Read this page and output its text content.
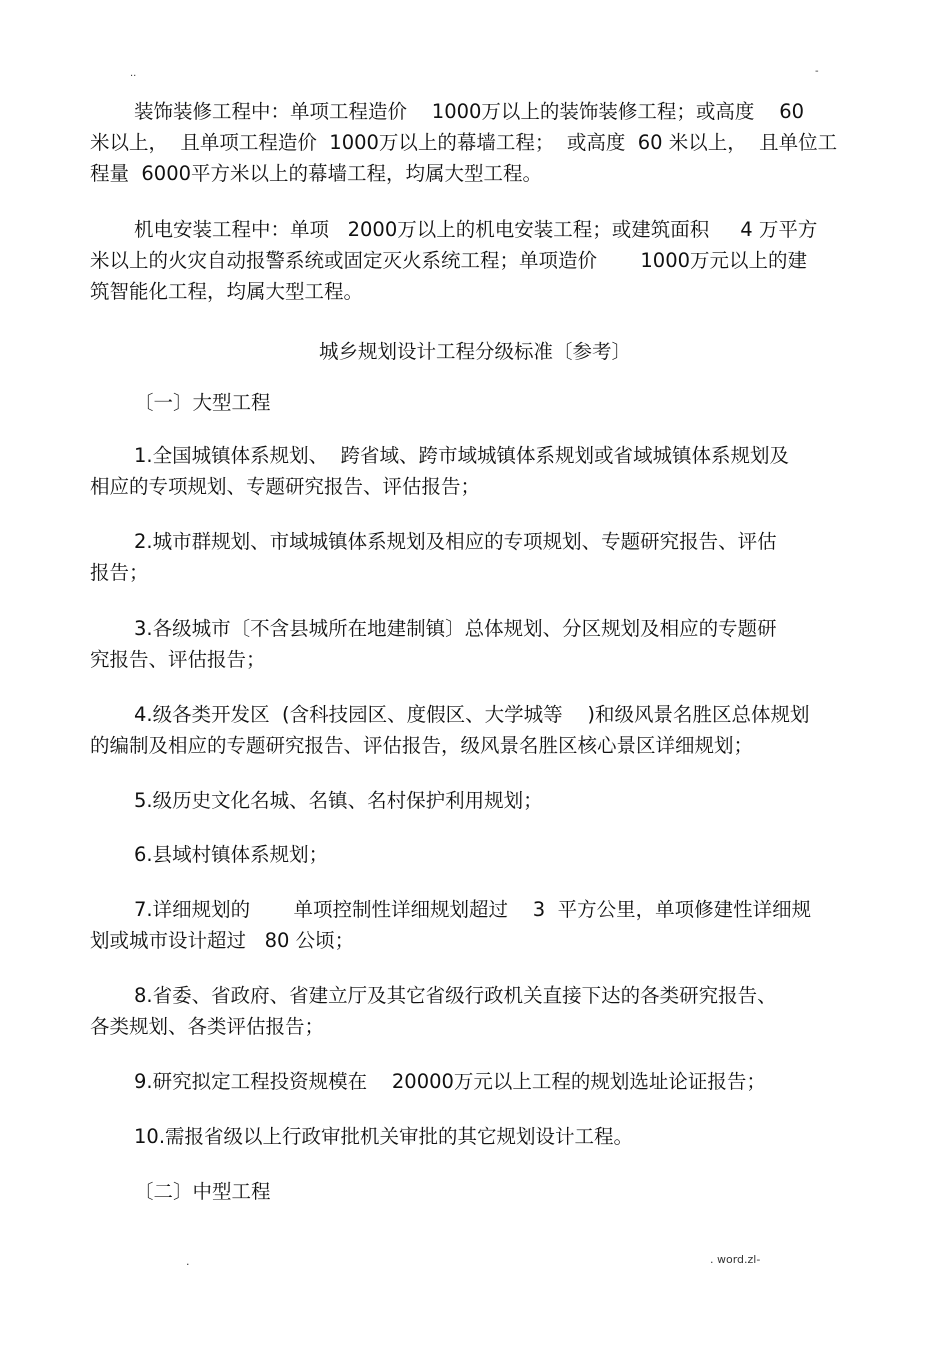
..	-
装饰装修工程中：单项工程造价    1000万以上的装饰装修工程；或高度    60
米以上，  且单项工程造价  1000万以上的幕墙工程；  或高度  60 米以上，  且单位工
程量  6000平方米以上的幕墙工程，均属大型工程。
机电安装工程中：单项   2000万以上的机电安装工程；或建筑面积     4 万平方
米以上的火灾自动报警系统或固定灭火系统工程；单项造价       1000万元以上的建
筑智能化工程，均属大型工程。
城乡规划设计工程分级标准〔参考〕
〔一〕大型工程
1.全国城镇体系规划、  跨省域、跨市域城镇体系规划或省域城镇体系规划及
相应的专项规划、专题研究报告、评估报告；
2.城市群规划、市域城镇体系规划及相应的专项规划、专题研究报告、评估
报告；
3.各级城市〔不含县城所在地建制镇〕总体规划、分区规划及相应的专题研
究报告、评估报告；
4.级各类开发区  (含科技园区、度假区、大学城等    )和级风景名胜区总体规划
的编制及相应的专题研究报告、评估报告，级风景名胜区核心景区详细规划；
5.级历史文化名城、名镇、名村保护利用规划；
6.县域村镇体系规划；
7.详细规划的       单项控制性详细规划超过    3  平方公里，单项修建性详细规
划或城市设计超过   80 公顷；
8.省委、省政府、省建立厅及其它省级行政机关直接下达的各类研究报告、
各类规划、各类评估报告；
9.研究拟定工程投资规模在    20000万元以上工程的规划选址论证报告；
10.需报省级以上行政审批机关审批的其它规划设计工程。
〔二〕中型工程
.	. word.zl-
